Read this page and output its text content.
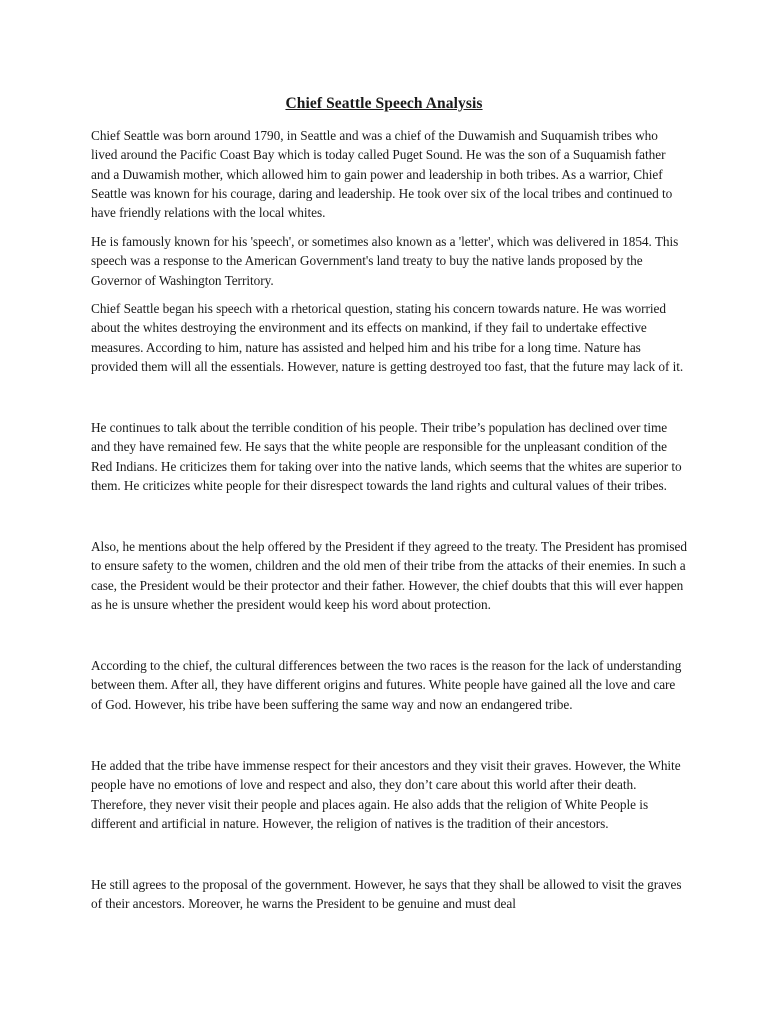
Chief Seattle Speech Analysis

Chief Seattle was born around 1790, in Seattle and was a chief of the Duwamish and Suquamish tribes who lived around the Pacific Coast Bay which is today called Puget Sound. He was the son of a Suquamish father and a Duwamish mother, which allowed him to gain power and leadership in both tribes. As a warrior, Chief Seattle was known for his courage, daring and leadership. He took over six of the local tribes and continued to have friendly relations with the local whites.

He is famously known for his 'speech', or sometimes also known as a 'letter', which was delivered in 1854. This speech was a response to the American Government's land treaty to buy the native lands proposed by the Governor of Washington Territory.

Chief Seattle began his speech with a rhetorical question, stating his concern towards nature. He was worried about the whites destroying the environment and its effects on mankind, if they fail to undertake effective measures. According to him, nature has assisted and helped him and his tribe for a long time. Nature has provided them will all the essentials. However, nature is getting destroyed too fast, that the future may lack of it.

He continues to talk about the terrible condition of his people. Their tribe’s population has declined over time and they have remained few. He says that the white people are responsible for the unpleasant condition of the Red Indians. He criticizes them for taking over into the native lands, which seems that the whites are superior to them. He criticizes white people for their disrespect towards the land rights and cultural values of their tribes.

Also, he mentions about the help offered by the President if they agreed to the treaty. The President has promised to ensure safety to the women, children and the old men of their tribe from the attacks of their enemies. In such a case, the President would be their protector and their father. However, the chief doubts that this will ever happen as he is unsure whether the president would keep his word about protection.

According to the chief, the cultural differences between the two races is the reason for the lack of understanding between them. After all, they have different origins and futures. White people have gained all the love and care of God. However, his tribe have been suffering the same way and now an endangered tribe.

He added that the tribe have immense respect for their ancestors and they visit their graves. However, the White people have no emotions of love and respect and also, they don’t care about this world after their death. Therefore, they never visit their people and places again. He also adds that the religion of White People is different and artificial in nature. However, the religion of natives is the tradition of their ancestors.

He still agrees to the proposal of the government. However, he says that they shall be allowed to visit the graves of their ancestors. Moreover, he warns the President to be genuine and must deal
